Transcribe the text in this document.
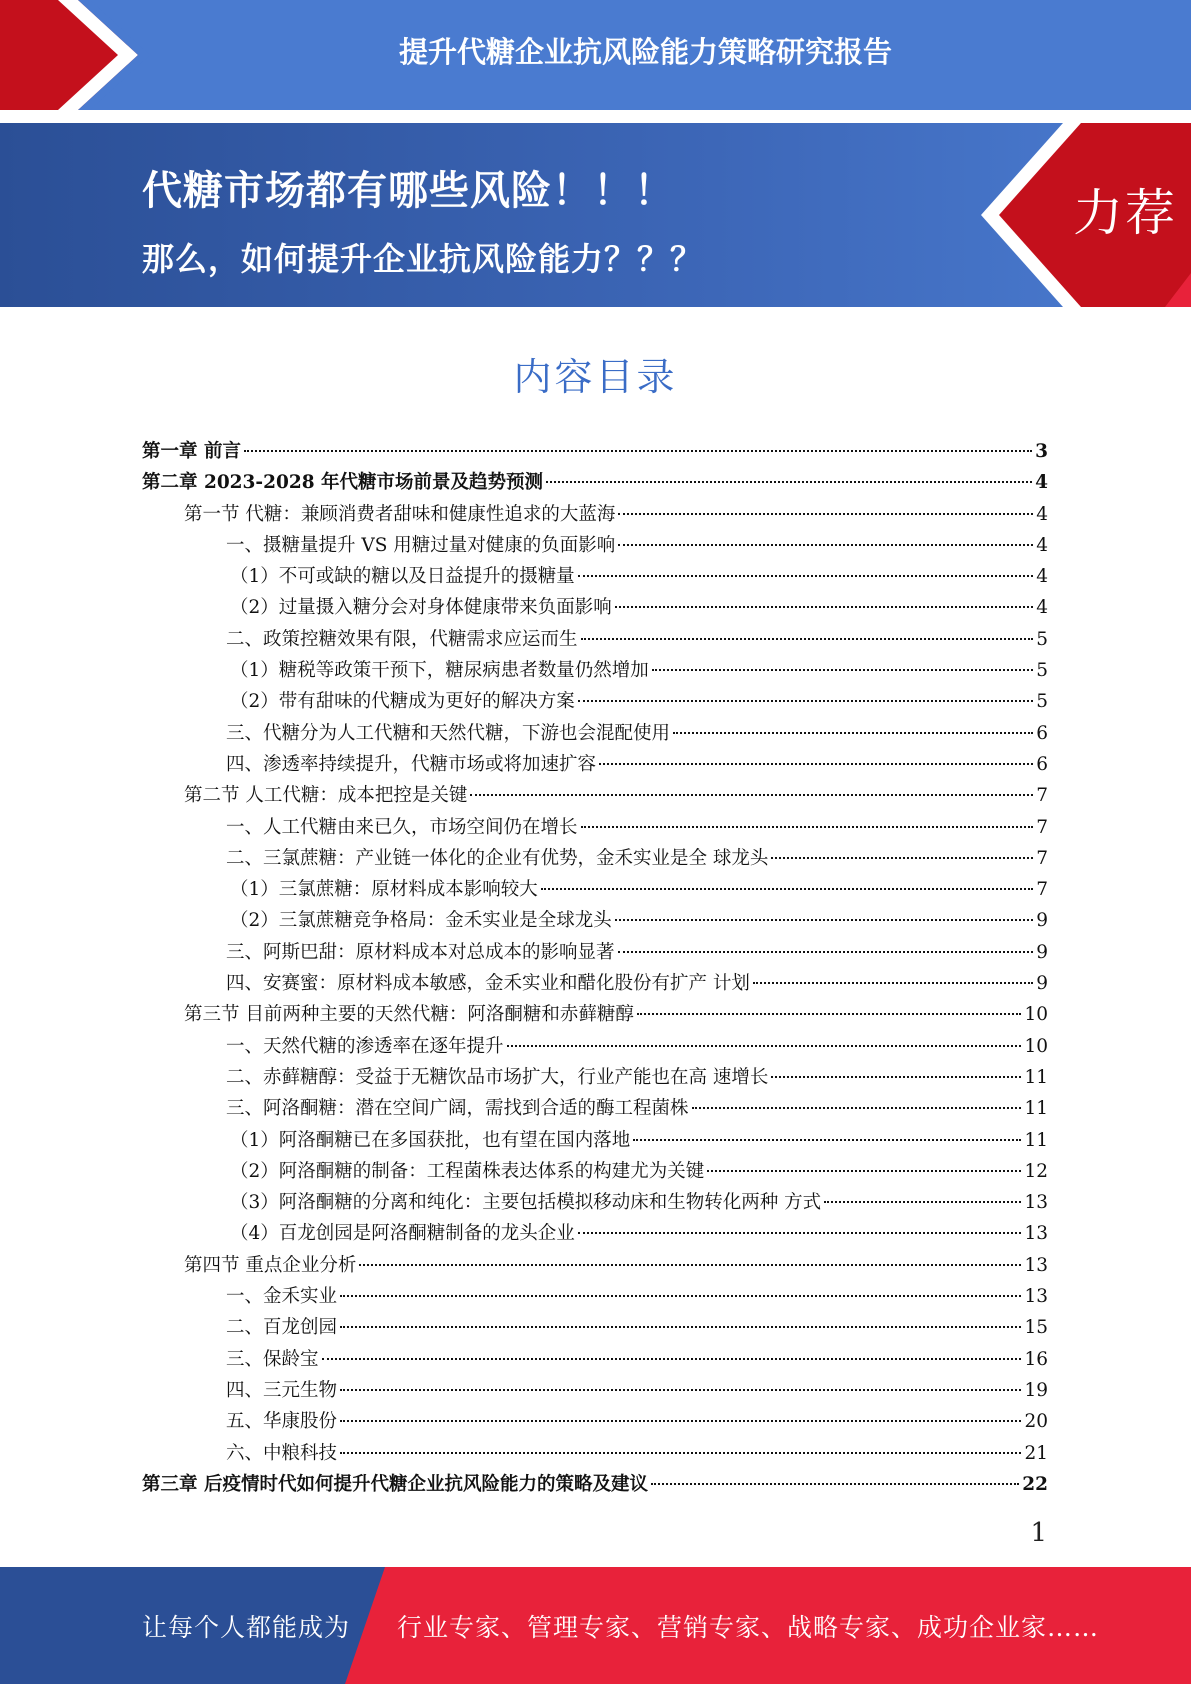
提升代糖企业抗风险能力策略研究报告
代糖市场都有哪些风险！！！
那么，如何提升企业抗风险能力？？？
力荐
内容目录
第一章 前言	3
第二章 2023-2028 年代糖市场前景及趋势预测	4
第一节 代糖：兼顾消费者甜味和健康性追求的大蓝海	4
一、摄糖量提升 VS 用糖过量对健康的负面影响	4
（1）不可或缺的糖以及日益提升的摄糖量	4
（2）过量摄入糖分会对身体健康带来负面影响	4
二、政策控糖效果有限，代糖需求应运而生	5
（1）糖税等政策干预下，糖尿病患者数量仍然增加	5
（2）带有甜味的代糖成为更好的解决方案	5
三、代糖分为人工代糖和天然代糖，下游也会混配使用	6
四、渗透率持续提升，代糖市场或将加速扩容	6
第二节 人工代糖：成本把控是关键	7
一、人工代糖由来已久，市场空间仍在增长	7
二、三氯蔗糖：产业链一体化的企业有优势，金禾实业是全 球龙头	7
（1）三氯蔗糖：原材料成本影响较大	7
（2）三氯蔗糖竞争格局：金禾实业是全球龙头	9
三、阿斯巴甜：原材料成本对总成本的影响显著	9
四、安赛蜜：原材料成本敏感，金禾实业和醋化股份有扩产 计划	9
第三节 目前两种主要的天然代糖：阿洛酮糖和赤藓糖醇	10
一、天然代糖的渗透率在逐年提升	10
二、赤藓糖醇：受益于无糖饮品市场扩大，行业产能也在高 速增长	11
三、阿洛酮糖：潜在空间广阔，需找到合适的酶工程菌株	11
（1）阿洛酮糖已在多国获批，也有望在国内落地	11
（2）阿洛酮糖的制备：工程菌株表达体系的构建尤为关键	12
（3）阿洛酮糖的分离和纯化：主要包括模拟移动床和生物转化两种 方式	13
（4）百龙创园是阿洛酮糖制备的龙头企业	13
第四节 重点企业分析	13
一、金禾实业	13
二、百龙创园	15
三、保龄宝	16
四、三元生物	19
五、华康股份	20
六、中粮科技	21
第三章 后疫情时代如何提升代糖企业抗风险能力的策略及建议	22
1
让每个人都能成为 行业专家、管理专家、营销专家、战略专家、成功企业家……
